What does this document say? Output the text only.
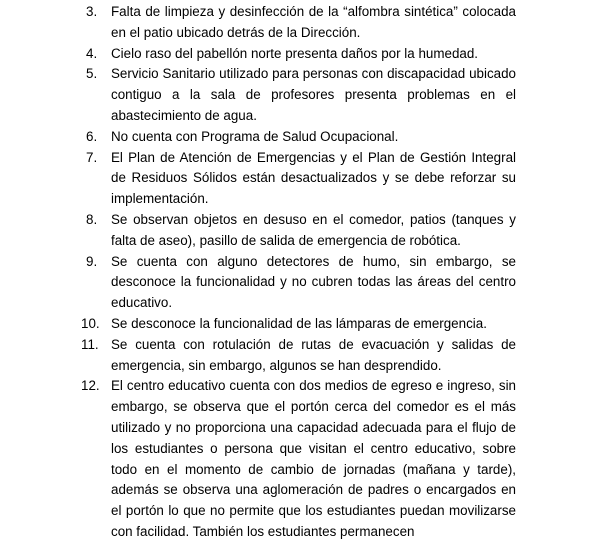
3.	Falta de limpieza y desinfección de la “alfombra sintética” colocada en el patio ubicado detrás de la Dirección.
4.	Cielo raso del pabellón norte presenta daños por la humedad.
5.	Servicio Sanitario utilizado para personas con discapacidad ubicado contiguo a la sala de profesores presenta problemas en el abastecimiento de agua.
6.	No cuenta con Programa de Salud Ocupacional.
7.	El Plan de Atención de Emergencias y el Plan de Gestión Integral de Residuos Sólidos están desactualizados y se debe reforzar su implementación.
8.	Se observan objetos en desuso en el comedor, patios (tanques y falta de aseo), pasillo de salida de emergencia de robótica.
9.	Se cuenta con alguno detectores de humo, sin embargo, se desconoce la funcionalidad y no cubren todas las áreas del centro educativo.
10. Se desconoce la funcionalidad de las lámparas de emergencia.
11. Se cuenta con rotulación de rutas de evacuación y salidas de emergencia, sin embargo, algunos se han desprendido.
12. El centro educativo cuenta con dos medios de egreso e ingreso, sin embargo, se observa que el portón cerca del comedor es el más utilizado y no proporciona una capacidad adecuada para el flujo de los estudiantes o persona que visitan el centro educativo, sobre todo en el momento de cambio de jornadas (mañana y tarde), además se observa una aglomeración de padres o encargados en el portón lo que no permite que los estudiantes puedan movilizarse con facilidad. También los estudiantes permanecen
